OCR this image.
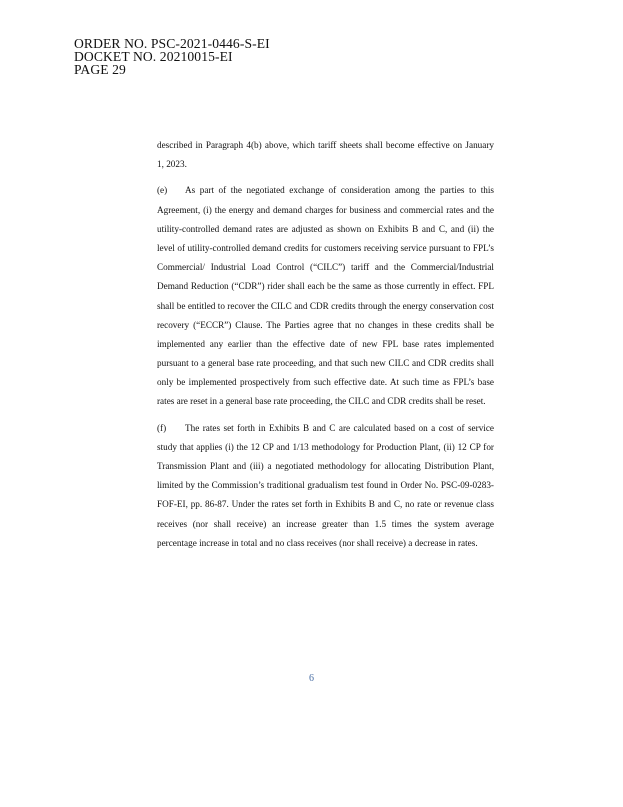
ORDER NO. PSC-2021-0446-S-EI
DOCKET NO. 20210015-EI
PAGE 29
described in Paragraph 4(b) above, which tariff sheets shall become effective on January
1, 2023.
(e) As part of the negotiated exchange of consideration among the parties to this
Agreement, (i) the energy and demand charges for business and commercial rates and the
utility-controlled demand rates are adjusted as shown on Exhibits B and C, and (ii) the
level of utility-controlled demand credits for customers receiving service pursuant to FPL’s
Commercial/ Industrial Load Control (“CILC”) tariff and the Commercial/Industrial
Demand Reduction (“CDR”) rider shall each be the same as those currently in effect. FPL
shall be entitled to recover the CILC and CDR credits through the energy conservation cost
recovery (“ECCR”) Clause. The Parties agree that no changes in these credits shall be
implemented any earlier than the effective date of new FPL base rates implemented
pursuant to a general base rate proceeding, and that such new CILC and CDR credits shall
only be implemented prospectively from such effective date. At such time as FPL’s base
rates are reset in a general base rate proceeding, the CILC and CDR credits shall be reset.
(f) The rates set forth in Exhibits B and C are calculated based on a cost of service
study that applies (i) the 12 CP and 1/13 methodology for Production Plant, (ii) 12 CP for
Transmission Plant and (iii) a negotiated methodology for allocating Distribution Plant,
limited by the Commission’s traditional gradualism test found in Order No. PSC-09-0283-
FOF-EI, pp. 86-87. Under the rates set forth in Exhibits B and C, no rate or revenue class
receives (nor shall receive) an increase greater than 1.5 times the system average
percentage increase in total and no class receives (nor shall receive) a decrease in rates.
6
